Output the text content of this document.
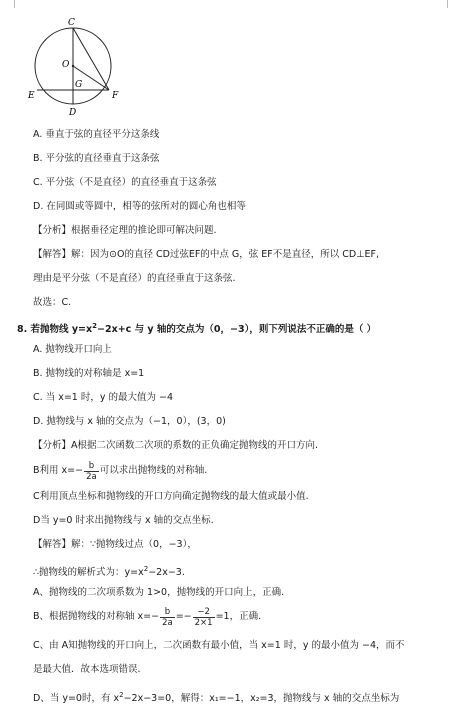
C
O
G
E	F
D
A. 垂直于弦的直径平分这条线
B. 平分弦的直径垂直于这条弦
C. 平分弦（不是直径）的直径垂直于这条弦
D. 在同圆或等圆中，相等的弦所对的圆心角也相等
【分析】根据垂径定理的推论即可解决问题.
【解答】解：因为⊙O的直径 CD过弦EF的中点 G，弦 EF不是直径，所以 CD⊥EF,
理由是平分弦（不是直径）的直径垂直于这条弦.
故选：C.
8. 若抛物线 $y=x^2-2x+c$ 与 y 轴的交点为（0，−3），则下列说法不正确的是（ ）
A. 抛物线开口向上
B. 抛物线的对称轴是 x=1
C. 当 x=1 时，y 的最大值为 −4
D. 抛物线与 x 轴的交点为（−1，0），(3，0)
【分析】A根据二次函数二次项的系数的正负确定抛物线的开口方向.
B利用 $x=- \frac{b}{2a}$ 可以求出抛物线的对称轴.
C利用顶点坐标和抛物线的开口方向确定抛物线的最大值或最小值.
D当 y=0 时求出抛物线与 x 轴的交点坐标.
【解答】解：∵抛物线过点（0，−3），
∴抛物线的解析式为：$y=x^2-2x-3$.
A、抛物线的二次项系数为 1>0，抛物线的开口向上，正确.
B、根据抛物线的对称轴 $x=- \frac{b}{2a} =- \frac{-2}{2\times 1} =1$，正确.
C、由 A知抛物线的开口向上，二次函数有最小值，当 x=1 时，y 的最小值为 −4，而不
是最大值．故本选项错误.
D、当 y=0时，有 $x^2-2x-3=0$，解得：x₁=−1，x₂=3，抛物线与 x 轴的交点坐标为
